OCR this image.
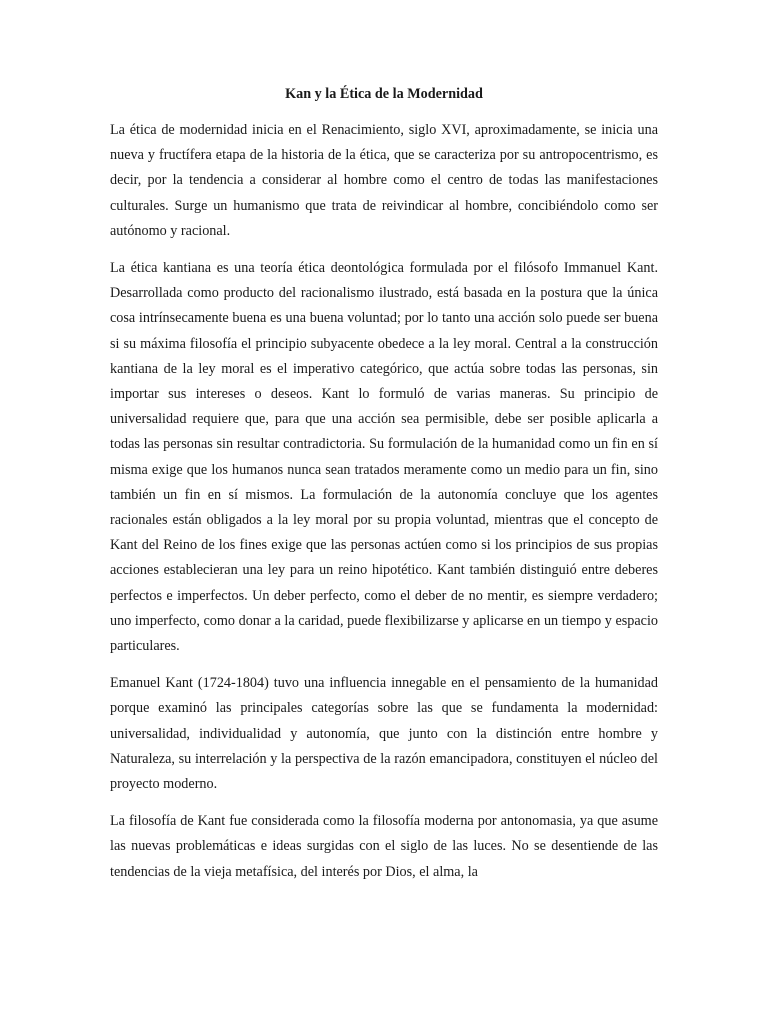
Kan y la Ética de la Modernidad

La ética de modernidad inicia en el Renacimiento, siglo XVI, aproximadamente, se inicia una nueva y fructífera etapa de la historia de la ética, que se caracteriza por su antropocentrismo, es decir, por la tendencia a considerar al hombre como el centro de todas las manifestaciones culturales. Surge un humanismo que trata de reivindicar al hombre, concibiéndolo como ser autónomo y racional.

La ética kantiana es una teoría ética deontológica formulada por el filósofo Immanuel Kant. Desarrollada como producto del racionalismo ilustrado, está basada en la postura que la única cosa intrínsecamente buena es una buena voluntad; por lo tanto una acción solo puede ser buena si su máxima filosofía el principio subyacente obedece a la ley moral. Central a la construcción kantiana de la ley moral es el imperativo categórico, que actúa sobre todas las personas, sin importar sus intereses o deseos. Kant lo formuló de varias maneras. Su principio de universalidad requiere que, para que una acción sea permisible, debe ser posible aplicarla a todas las personas sin resultar contradictoria. Su formulación de la humanidad como un fin en sí misma exige que los humanos nunca sean tratados meramente como un medio para un fin, sino también un fin en sí mismos. La formulación de la autonomía concluye que los agentes racionales están obligados a la ley moral por su propia voluntad, mientras que el concepto de Kant del Reino de los fines exige que las personas actúen como si los principios de sus propias acciones establecieran una ley para un reino hipotético. Kant también distinguió entre deberes perfectos e imperfectos. Un deber perfecto, como el deber de no mentir, es siempre verdadero; uno imperfecto, como donar a la caridad, puede flexibilizarse y aplicarse en un tiempo y espacio particulares.

Emanuel Kant (1724-1804) tuvo una influencia innegable en el pensamiento de la humanidad porque examinó las principales categorías sobre las que se fundamenta la modernidad: universalidad, individualidad y autonomía, que junto con la distinción entre hombre y Naturaleza, su interrelación y la perspectiva de la razón emancipadora, constituyen el núcleo del proyecto moderno.

La filosofía de Kant fue considerada como la filosofía moderna por antonomasia, ya que asume las nuevas problemáticas e ideas surgidas con el siglo de las luces. No se desentiende de las tendencias de la vieja metafísica, del interés por Dios, el alma, la
